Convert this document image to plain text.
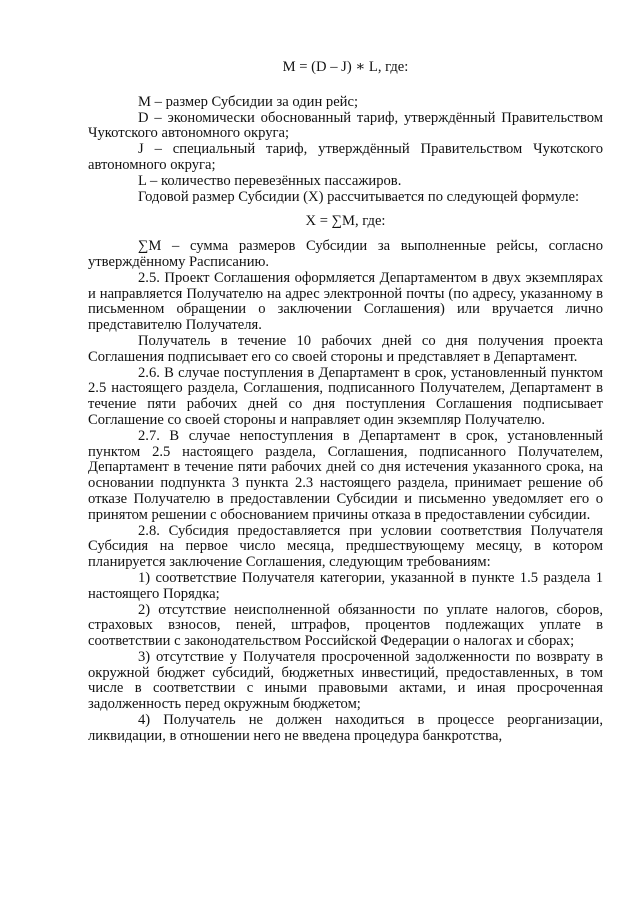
М = (D – J) ∗ L, где:

M – размер Субсидии за один рейс;

D – экономически обоснованный тариф, утверждённый Правительством Чукотского автономного округа;

J – специальный тариф, утверждённый Правительством Чукотского автономного округа;

L – количество перевезённых пассажиров.

Годовой размер Субсидии (X) рассчитывается по следующей формуле:

X = ∑M, где:

∑M – сумма размеров Субсидии за выполненные рейсы, согласно утверждённому Расписанию.

2.5. Проект Соглашения оформляется Департаментом в двух экземплярах и направляется Получателю на адрес электронной почты (по адресу, указанному в письменном обращении о заключении Соглашения) или вручается лично представителю Получателя.

Получатель в течение 10 рабочих дней со дня получения проекта Соглашения подписывает его со своей стороны и представляет в Департамент.

2.6. В случае поступления в Департамент в срок, установленный пунктом 2.5 настоящего раздела, Соглашения, подписанного Получателем, Департамент в течение пяти рабочих дней со дня поступления Соглашения подписывает Соглашение со своей стороны и направляет один экземпляр Получателю.

2.7. В случае непоступления в Департамент в срок, установленный пунктом 2.5 настоящего раздела, Соглашения, подписанного Получателем, Департамент в течение пяти рабочих дней со дня истечения указанного срока, на основании подпункта 3 пункта 2.3 настоящего раздела, принимает решение об отказе Получателю в предоставлении Субсидии и письменно уведомляет его о принятом решении с обоснованием причины отказа в предоставлении субсидии.

2.8. Субсидия предоставляется при условии соответствия Получателя Субсидия на первое число месяца, предшествующему месяцу, в котором планируется заключение Соглашения, следующим требованиям:

1) соответствие Получателя категории, указанной в пункте 1.5 раздела 1 настоящего Порядка;

2) отсутствие неисполненной обязанности по уплате налогов, сборов, страховых взносов, пеней, штрафов, процентов подлежащих уплате в соответствии с законодательством Российской Федерации о налогах и сборах;

3) отсутствие у Получателя просроченной задолженности по возврату в окружной бюджет субсидий, бюджетных инвестиций, предоставленных, в том числе в соответствии с иными правовыми актами, и иная просроченная задолженность перед окружным бюджетом;

4) Получатель не должен находиться в процессе реорганизации, ликвидации, в отношении него не введена процедура банкротства,
